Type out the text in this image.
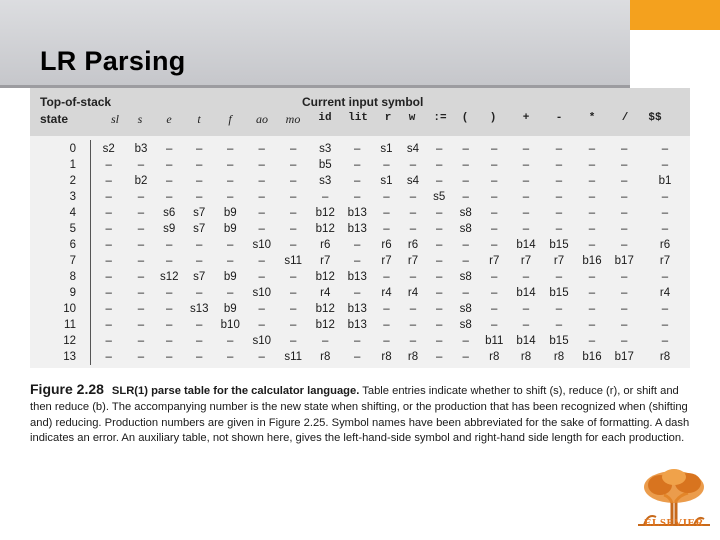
LR Parsing
Top-of-stack	Current input symbol
state	sl	s	e	t	f	ao	mo	id	lit	r	w	:=	(	)	+	-	*	/	$$
0	s2	b3	–	–	–	–	–	s3	–	s1	s4	–	–	–	–	–	–	–	–
1	–	–	–	–	–	–	–	b5	–	–	–	–	–	–	–	–	–	–	–
2	–	b2	–	–	–	–	–	s3	–	s1	s4	–	–	–	–	–	–	–	b1
3	–	–	–	–	–	–	–	–	–	–	–	s5	–	–	–	–	–	–	–
4	–	–	s6	s7	b9	–	–	b12	b13	–	–	–	s8	–	–	–	–	–	–
5	–	–	s9	s7	b9	–	–	b12	b13	–	–	–	s8	–	–	–	–	–	–
6	–	–	–	–	–	s10	–	r6	–	r6	r6	–	–	–	b14	b15	–	–	r6
7	–	–	–	–	–	–	s11	r7	–	r7	r7	–	–	r7	r7	r7	b16	b17	r7
8	–	–	s12	s7	b9	–	–	b12	b13	–	–	–	s8	–	–	–	–	–	–
9	–	–	–	–	–	s10	–	r4	–	r4	r4	–	–	–	b14	b15	–	–	r4
10	–	–	–	s13	b9	–	–	b12	b13	–	–	–	s8	–	–	–	–	–	–
11	–	–	–	–	b10	–	–	b12	b13	–	–	–	s8	–	–	–	–	–	–
12	–	–	–	–	–	s10	–	–	–	–	–	–	–	b11	b14	b15	–	–	–
13	–	–	–	–	–	–	s11	r8	–	r8	r8	–	–	r8	r8	r8	b16	b17	r8

Figure 2.28 SLR(1) parse table for the calculator language. Table entries indicate whether to shift (s), reduce (r), or shift and then reduce (b). The accompanying number is the new state when shifting, or the production that has been recognized when (shifting and) reducing. Production numbers are given in Figure 2.25. Symbol names have been abbreviated for the sake of formatting. A dash indicates an error. An auxiliary table, not shown here, gives the left-hand-side symbol and right-hand side length for each production.

ELSEVIER
